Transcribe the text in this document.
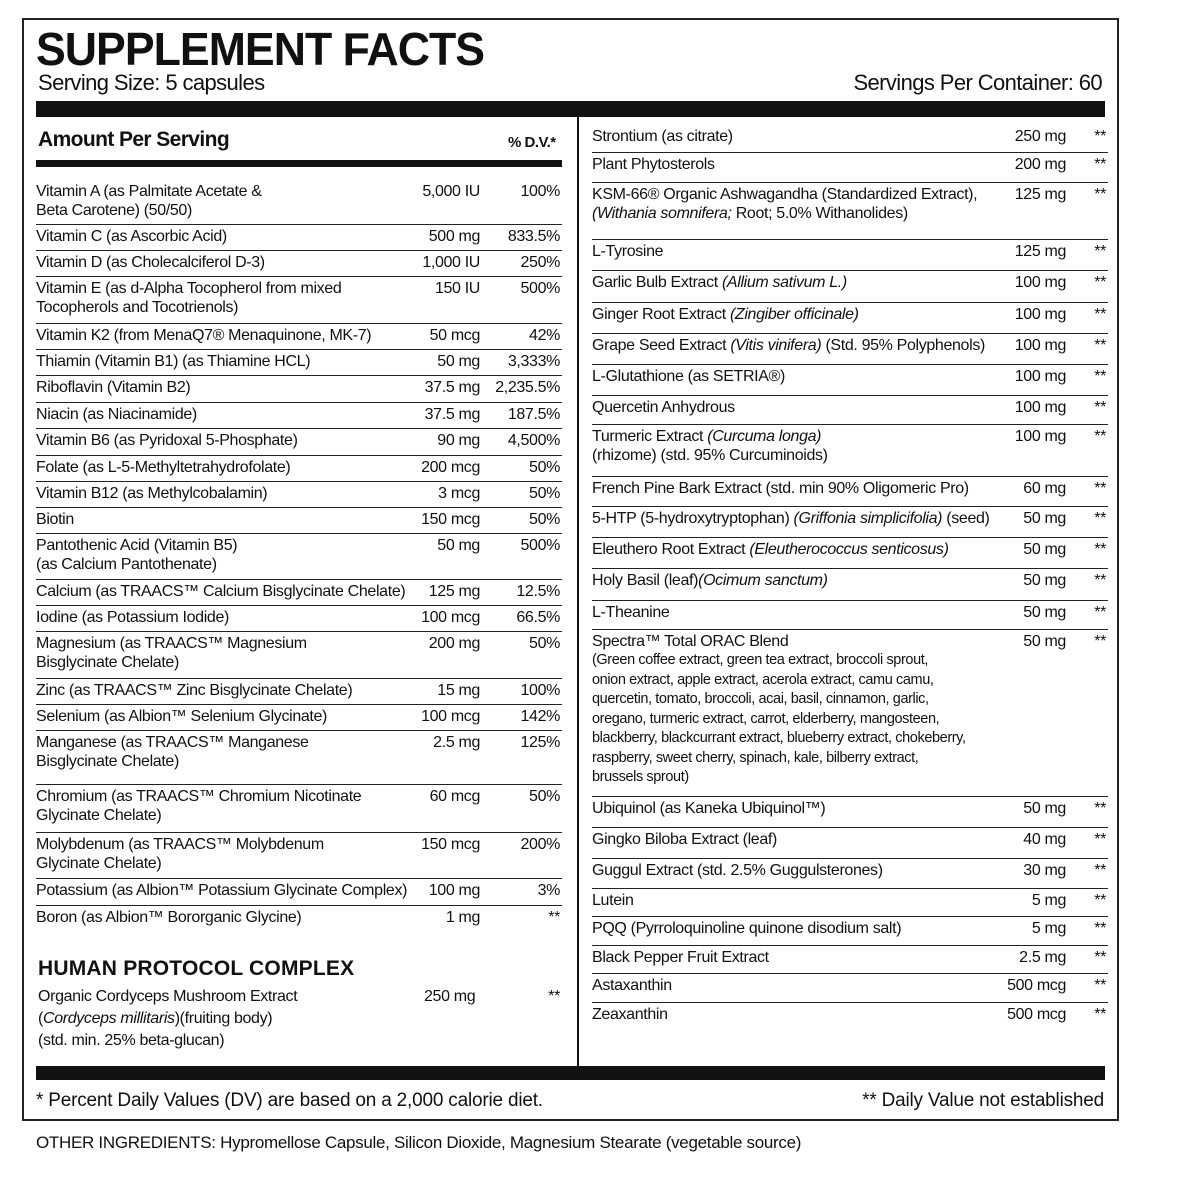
SUPPLEMENT FACTS
Serving Size: 5 capsules	Servings Per Container: 60
Amount Per Serving	% D.V.*
Vitamin A (as Palmitate Acetate &
Beta Carotene) (50/50)
5,000 IU	100%
Vitamin C (as Ascorbic Acid)	500 mg 833.5%
Vitamin D (as Cholecalciferol D-3)	1,000 IU	250%
Vitamin E (as d-Alpha Tocopherol from mixed
Tocopherols and Tocotrienols)
150 IU	500%
Vitamin K2 (from MenaQ7® Menaquinone, MK-7)	50 mcg	42%
Thiamin (Vitamin B1) (as Thiamine HCL)	50 mg 3,333%
Riboflavin (Vitamin B2)	37.5 mg 2,235.5%
Niacin (as Niacinamide)	37.5 mg 187.5%
Vitamin B6 (as Pyridoxal 5-Phosphate)	90 mg 4,500%
Folate (as L-5-Methyltetrahydrofolate)	200 mcg	50%
Vitamin B12 (as Methylcobalamin)	3 mcg	50%
Biotin	150 mcg	50%
Pantothenic Acid (Vitamin B5)
(as Calcium Pantothenate)
50 mg	500%
Calcium (as TRAACS™ Calcium Bisglycinate Chelate) 125 mg 12.5%
Iodine (as Potassium Iodide)	100 mcg 66.5%
Magnesium (as TRAACS™ Magnesium
Bisglycinate Chelate)
200 mg	50%
Zinc (as TRAACS™ Zinc Bisglycinate Chelate)	15 mg	100%
Selenium (as Albion™ Selenium Glycinate)	100 mcg	142%
Manganese (as TRAACS™ Manganese
Bisglycinate Chelate)
2.5 mg	125%
Chromium (as TRAACS™ Chromium Nicotinate
Glycinate Chelate)
60 mcg	50%
Molybdenum (as TRAACS™ Molybdenum
Glycinate Chelate)
150 mcg	200%
Potassium (as Albion™ Potassium Glycinate Complex) 100 mg	3%
Boron (as Albion™ Bororganic Glycine)	1 mg	**
Strontium (as citrate)	250 mg **
Plant Phytosterols	200 mg **
KSM-66® Organic Ashwagandha (Standardized Extract),
(Withania somnifera; Root; 5.0% Withanolides)
125 mg **
L-Tyrosine	125 mg **
Garlic Bulb Extract (Allium sativum L.)	100 mg **
Ginger Root Extract (Zingiber officinale)	100 mg **
Grape Seed Extract (Vitis vinifera) (Std. 95% Polyphenols) 100 mg **
L-Glutathione (as SETRIA®)	100 mg **
Quercetin Anhydrous	100 mg **
Turmeric Extract (Curcuma longa)
(rhizome) (std. 95% Curcuminoids)
100 mg **
French Pine Bark Extract (std. min 90% Oligomeric Pro)	60 mg **
5-HTP (5-hydroxytryptophan) (Griffonia simplicifolia) (seed) 50 mg **
Eleuthero Root Extract (Eleutherococcus senticosus)	50 mg **
Holy Basil (leaf)(Ocimum sanctum)	50 mg **
L-Theanine	50 mg **
Spectra™ Total ORAC Blend
(Green coffee extract, green tea extract, broccoli sprout,
onion extract, apple extract, acerola extract, camu camu,
quercetin, tomato, broccoli, acai, basil, cinnamon, garlic,
oregano, turmeric extract, carrot, elderberry, mangosteen,
blackberry, blackcurrant extract, blueberry extract, chokeberry,
raspberry, sweet cherry, spinach, kale, bilberry extract,
brussels sprout)
50 mg **
Ubiquinol (as Kaneka Ubiquinol™)	50 mg **
Gingko Biloba Extract (leaf)	40 mg **
Guggul Extract (std. 2.5% Guggulsterones)	30 mg **
Lutein	5 mg **
PQQ (Pyrroloquinoline quinone disodium salt)	5 mg **
Black Pepper Fruit Extract	2.5 mg **
Astaxanthin	500 mcg **
Zeaxanthin	500 mcg **
HUMAN PROTOCOL COMPLEX
Organic Cordyceps Mushroom Extract
(Cordyceps millitaris)(fruiting body)
(std. min. 25% beta-glucan)
250 mg	**
* Percent Daily Values (DV) are based on a 2,000 calorie diet.	** Daily Value not established
OTHER INGREDIENTS: Hypromellose Capsule, Silicon Dioxide, Magnesium Stearate (vegetable source)
